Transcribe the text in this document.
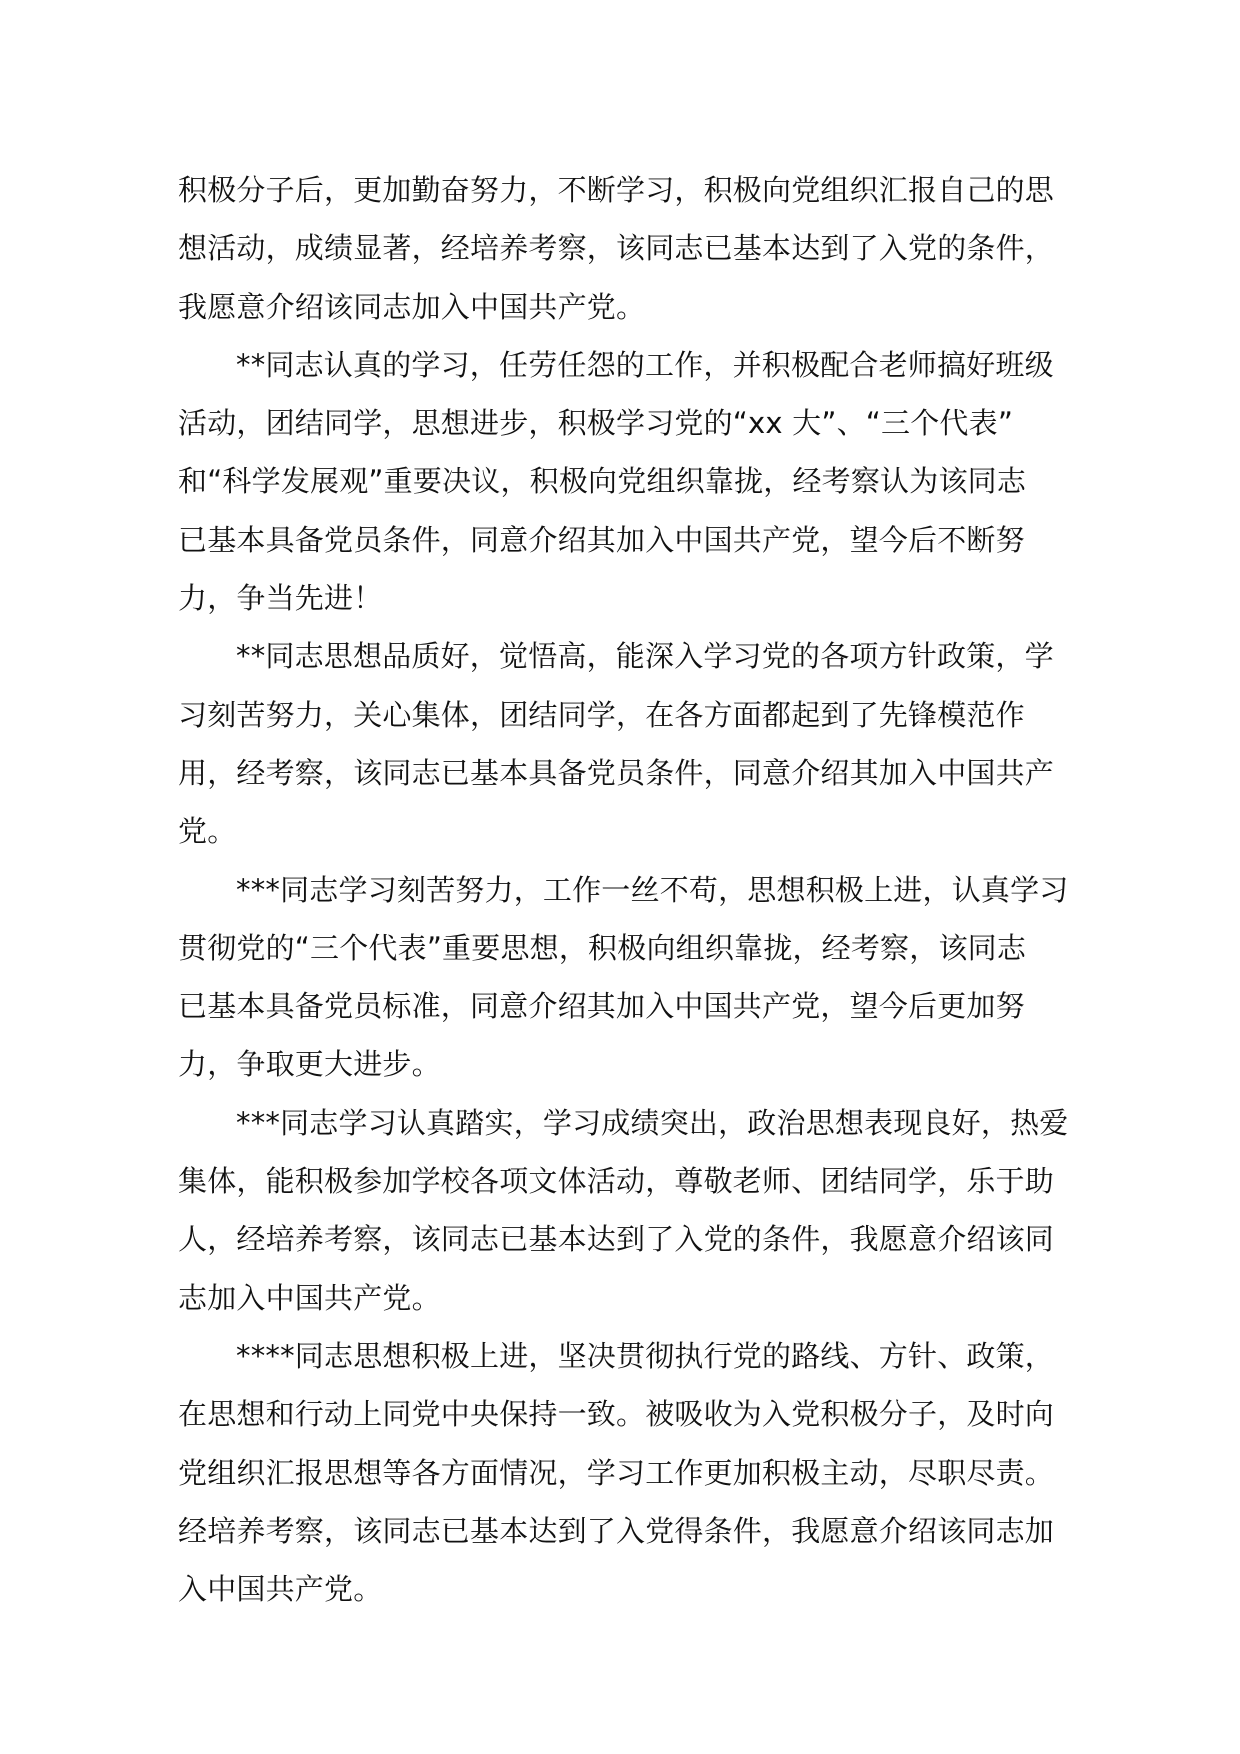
积极分子后，更加勤奋努力，不断学习，积极向党组织汇报自己的思
想活动，成绩显著，经培养考察，该同志已基本达到了入党的条件，
我愿意介绍该同志加入中国共产党。

**同志认真的学习，任劳任怨的工作，并积极配合老师搞好班级
活动，团结同学，思想进步，积极学习党的“xx 大”、“三个代表”
和“科学发展观”重要决议，积极向党组织靠拢，经考察认为该同志
已基本具备党员条件，同意介绍其加入中国共产党，望今后不断努
力，争当先进！

**同志思想品质好，觉悟高，能深入学习党的各项方针政策，学
习刻苦努力，关心集体，团结同学，在各方面都起到了先锋模范作
用，经考察，该同志已基本具备党员条件，同意介绍其加入中国共产
党。

***同志学习刻苦努力，工作一丝不苟，思想积极上进，认真学习
贯彻党的“三个代表”重要思想，积极向组织靠拢，经考察，该同志
已基本具备党员标准，同意介绍其加入中国共产党，望今后更加努
力，争取更大进步。

***同志学习认真踏实，学习成绩突出，政治思想表现良好，热爱
集体，能积极参加学校各项文体活动，尊敬老师、团结同学，乐于助
人，经培养考察，该同志已基本达到了入党的条件，我愿意介绍该同
志加入中国共产党。

****同志思想积极上进，坚决贯彻执行党的路线、方针、政策，
在思想和行动上同党中央保持一致。被吸收为入党积极分子，及时向
党组织汇报思想等各方面情况，学习工作更加积极主动，尽职尽责。
经培养考察，该同志已基本达到了入党得条件，我愿意介绍该同志加
入中国共产党。
